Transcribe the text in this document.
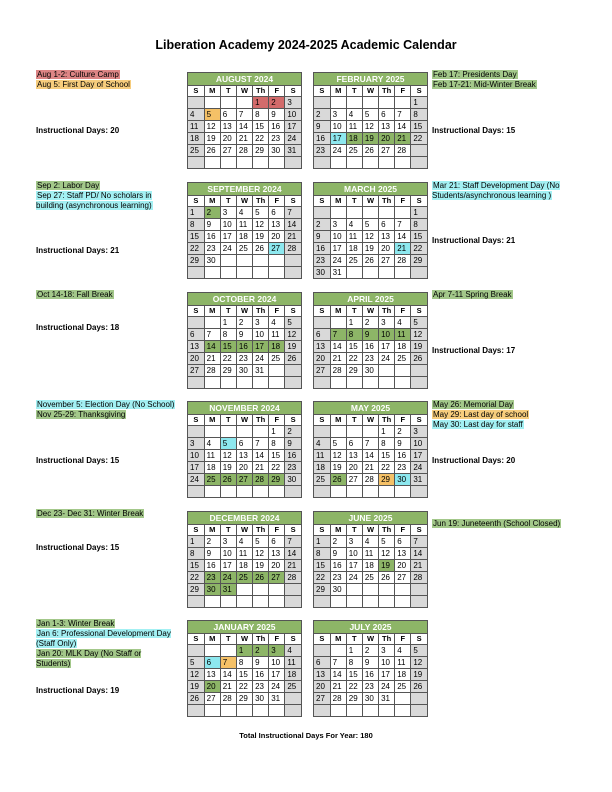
Liberation Academy 2024-2025 Academic Calendar
AUGUST 2024
S	M	T	W	Th	F	S
				1	2	3
4	5	6	7	8	9	10
11	12	13	14	15	16	17
18	19	20	21	22	23	24
25	26	27	28	29	30	31

FEBRUARY 2025
S	M	T	W	Th	F	S
						1
2	3	4	5	6	7	8
9	10	11	12	13	14	15
16	17	18	19	20	21	22
23	24	25	26	27	28	

SEPTEMBER 2024
S	M	T	W	Th	F	S
1	2	3	4	5	6	7
8	9	10	11	12	13	14
15	16	17	18	19	20	21
22	23	24	25	26	27	28
29	30					

MARCH 2025
S	M	T	W	Th	F	S
						1
2	3	4	5	6	7	8
9	10	11	12	13	14	15
16	17	18	19	20	21	22
23	24	25	26	27	28	29
30	31					
OCTOBER 2024
S	M	T	W	Th	F	S
		1	2	3	4	5
6	7	8	9	10	11	12
13	14	15	16	17	18	19
20	21	22	23	24	25	26
27	28	29	30	31		

APRIL 2025
S	M	T	W	Th	F	S
		1	2	3	4	5
6	7	8	9	10	11	12
13	14	15	16	17	18	19
20	21	22	23	24	25	26
27	28	29	30			

NOVEMBER 2024
S	M	T	W	Th	F	S
					1	2
3	4	5	6	7	8	9
10	11	12	13	14	15	16
17	18	19	20	21	22	23
24	25	26	27	28	29	30

MAY 2025
S	M	T	W	Th	F	S
				1	2	3
4	5	6	7	8	9	10
11	12	13	14	15	16	17
18	19	20	21	22	23	24
25	26	27	28	29	30	31

DECEMBER 2024
S	M	T	W	Th	F	S
1	2	3	4	5	6	7
8	9	10	11	12	13	14
15	16	17	18	19	20	21
22	23	24	25	26	27	28
29	30	31				

JUNE 2025
S	M	T	W	Th	F	S
1	2	3	4	5	6	7
8	9	10	11	12	13	14
15	16	17	18	19	20	21
22	23	24	25	26	27	28
29	30					

JANUARY 2025
S	M	T	W	Th	F	S
			1	2	3	4
5	6	7	8	9	10	11
12	13	14	15	16	17	18
19	20	21	22	23	24	25
26	27	28	29	30	31	

JULY 2025
S	M	T	W	Th	F	S
		1	2	3	4	5
6	7	8	9	10	11	12
13	14	15	16	17	18	19
20	21	22	23	24	25	26
27	28	29	30	31		

Aug 1-2: Culture Camp
Aug 5: First Day of School
Feb 17: Presidents Day
Feb 17-21: Mid-Winter Break
Sep 2: Labor Day
Sep 27: Staff PD/ No scholars in building (asynchronous learning)
Mar 21: Staff Development Day (No Students/asynchronous learning )
Oct 14-18: Fall Break	Apr 7-11 Spring Break
November 5: Election Day (No School)
Nov 25-29: Thanksgiving
May 26: Memorial Day
May 29: Last day of school
May 30: Last day for staff
Dec 23- Dec 31: Winter Break
Jun 19: Juneteenth (School Closed)
Jan 1-3: Winter Break
Jan 6: Professional Development Day (Staff Only)
Jan 20: MLK Day (No Staff or Students)
Instructional Days: 20	Instructional Days: 15
Instructional Days: 21
Instructional Days: 21
Instructional Days: 18
Instructional Days: 17
Instructional Days: 15	Instructional Days: 20
Instructional Days: 15
Instructional Days: 19
Total Instructional Days For Year: 180
